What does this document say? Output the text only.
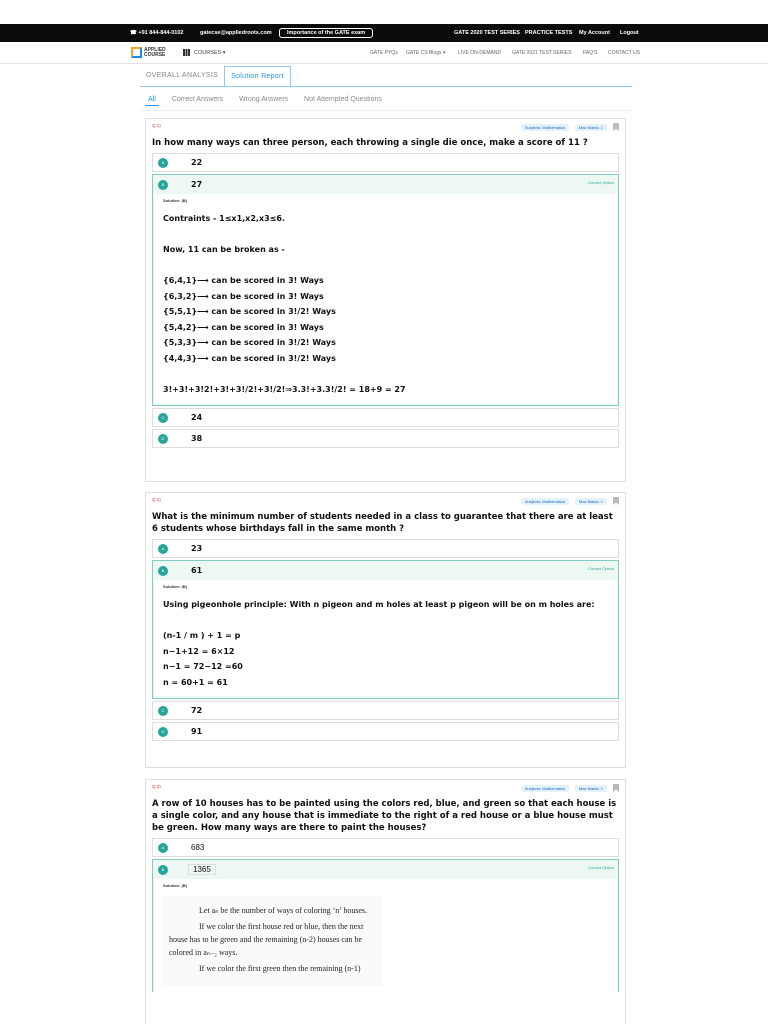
☎ +91 844-844-0102	gatecse@appliedroots.com	Importance of the GATE exam	GATE 2020 TEST SERIES PRACTICE TESTS My Account Logout
APPLIED
COURSE	COURSES ▾	GATE PYQs GATE CS Blogs ▾	LIVE ON-DEMAND GATE 2021 TEST SERIES FAQ'S CONTACT US
OVERALL ANALYSIS	Solution Report
All	Correct Answers	Wrong Answers	Not Attempted Questions
Q.1)	Subjects: Mathematics	Max Marks: 1
In how many ways can three person, each throwing a single die once, make a score of 11 ?
A	22
B	27	Correct Option
Solution: (B)
Contraints - 1≤x1,x2,x3≤6.

Now, 11 can be broken as -

{6,4,1}⟶ can be scored in 3! Ways
{6,3,2}⟶ can be scored in 3! Ways
{5,5,1}⟶ can be scored in 3!/2! Ways
{5,4,2}⟶ can be scored in 3! Ways
{5,3,3}⟶ can be scored in 3!/2! Ways
{4,4,3}⟶ can be scored in 3!/2! Ways

3!+3!+3!2!+3!+3!/2!+3!/2!⇒3.3!+3.3!/2! = 18+9 = 27
C	24
D	38
Q.2)	Subjects: Mathematics	Max Marks: 1
What is the minimum number of students needed in a class to guarantee that there are at least 6 students whose birthdays fall in the same month ?
A	23
B	61	Correct Option
Solution: (B)
Using pigeonhole principle: With n pigeon and m holes at least p pigeon will be on m holes are:

(n-1 / m ) + 1 = p
n−1+12 = 6×12
n−1 = 72−12 =60
n = 60+1 = 61
C	72
D	91
Q.3)	Subjects: Mathematics	Max Marks: 1
A row of 10 houses has to be painted using the colors red, blue, and green so that each house is a single color, and any house that is immediate to the right of a red house or a blue house must be green. How many ways are there to paint the houses?
A	683
B	1365	Correct Option
Solution: (B)

Let aₙ be the number of ways of coloring ‘n’ houses.

If we color the first house red or blue, then the next house has to be green and the remaining (n-2) houses can be colored in aₙ₋₂ ways.

If we color the first green then the remaining (n-1)
